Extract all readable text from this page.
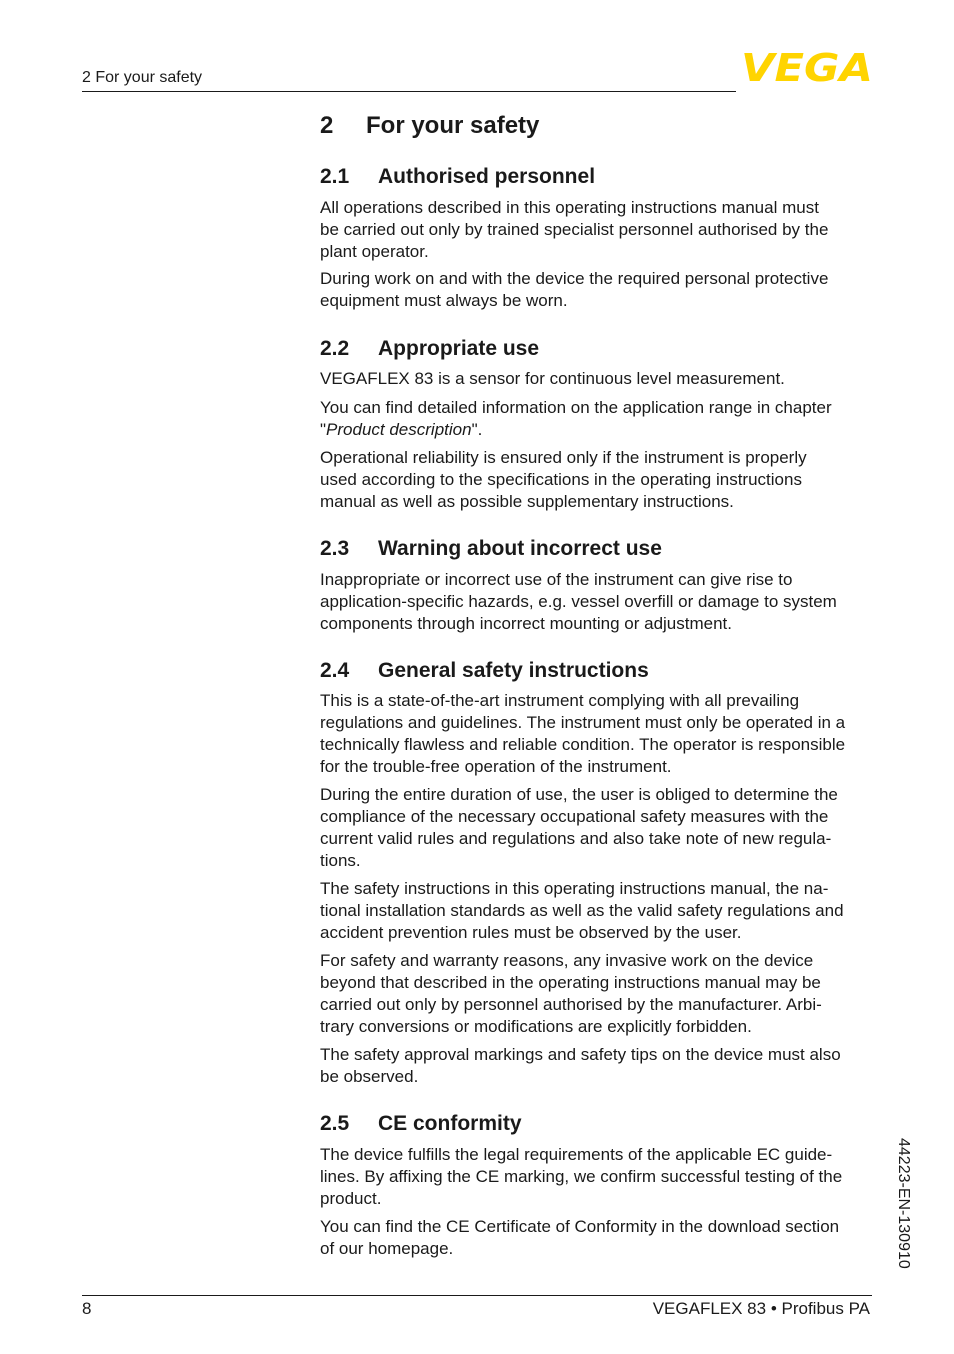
2 For your safety	VEGA
2 For your safety
2.1 Authorised personnel
All operations described in this operating instructions manual must
be carried out only by trained specialist personnel authorised by the
plant operator.
During work on and with the device the required personal protective
equipment must always be worn.
2.2 Appropriate use
VEGAFLEX 83 is a sensor for continuous level measurement.
You can find detailed information on the application range in chapter
"Product description".
Operational reliability is ensured only if the instrument is properly
used according to the specifications in the operating instructions
manual as well as possible supplementary instructions.
2.3 Warning about incorrect use
Inappropriate or incorrect use of the instrument can give rise to
application-specific hazards, e.g. vessel overfill or damage to system
components through incorrect mounting or adjustment.
2.4 General safety instructions
This is a state-of-the-art instrument complying with all prevailing
regulations and guidelines. The instrument must only be operated in a
technically flawless and reliable condition. The operator is responsible
for the trouble-free operation of the instrument.
During the entire duration of use, the user is obliged to determine the
compliance of the necessary occupational safety measures with the
current valid rules and regulations and also take note of new regula-
tions.
The safety instructions in this operating instructions manual, the na-
tional installation standards as well as the valid safety regulations and
accident prevention rules must be observed by the user.
For safety and warranty reasons, any invasive work on the device
beyond that described in the operating instructions manual may be
carried out only by personnel authorised by the manufacturer. Arbi-
trary conversions or modifications are explicitly forbidden.
The safety approval markings and safety tips on the device must also
be observed.
2.5 CE conformity
The device fulfills the legal requirements of the applicable EC guide-
lines. By affixing the CE marking, we confirm successful testing of the
product.
You can find the CE Certificate of Conformity in the download section
of our homepage.	44223-EN-130910
8	VEGAFLEX 83 • Profibus PA
